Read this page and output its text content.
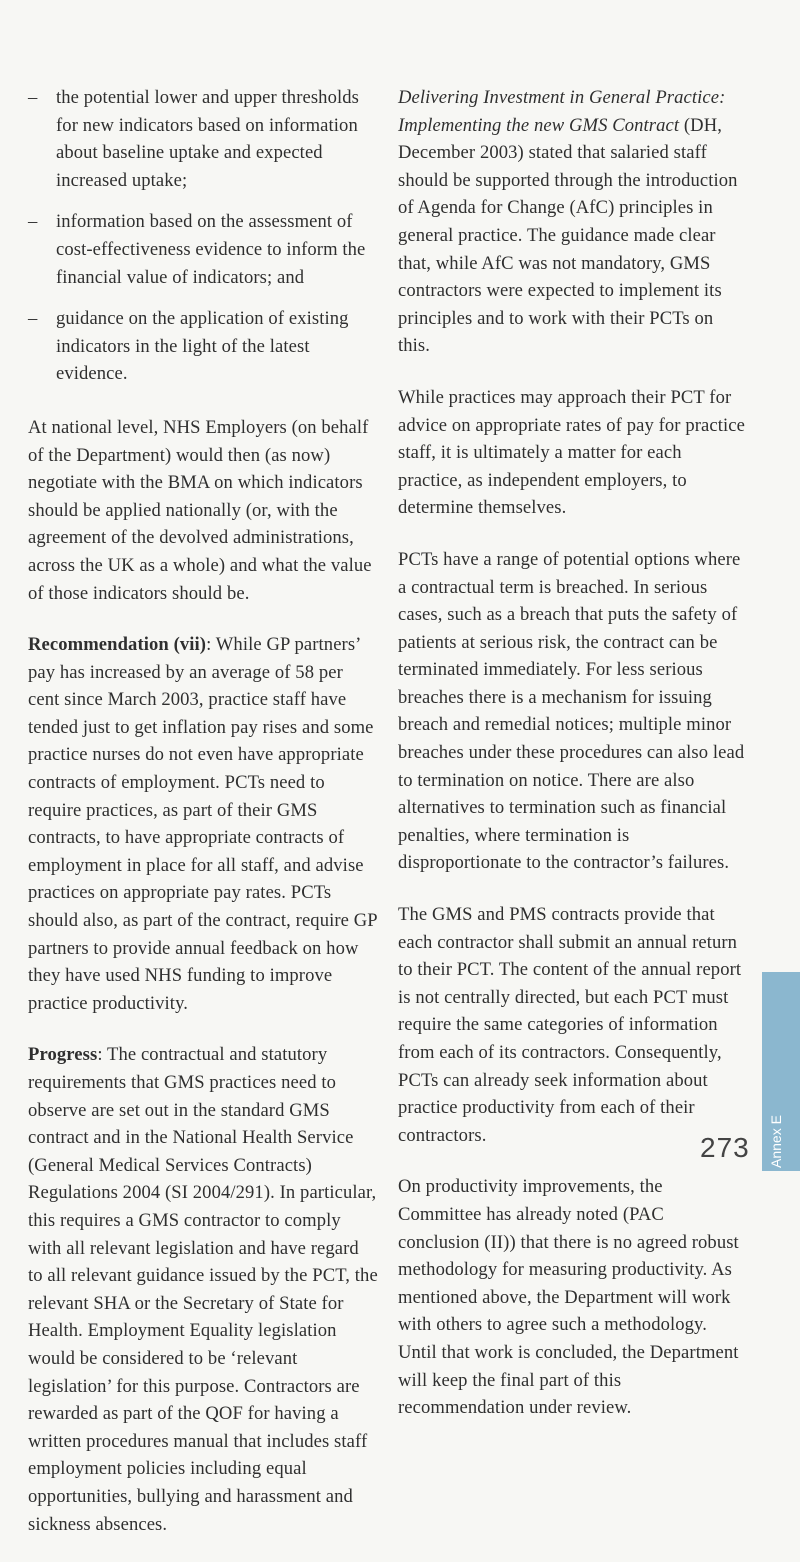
– the potential lower and upper thresholds for new indicators based on information about baseline uptake and expected increased uptake;
– information based on the assessment of cost-effectiveness evidence to inform the financial value of indicators; and
– guidance on the application of existing indicators in the light of the latest evidence.

At national level, NHS Employers (on behalf of the Department) would then (as now) negotiate with the BMA on which indicators should be applied nationally (or, with the agreement of the devolved administrations, across the UK as a whole) and what the value of those indicators should be.

Recommendation (vii): While GP partners’ pay has increased by an average of 58 per cent since March 2003, practice staff have tended just to get inflation pay rises and some practice nurses do not even have appropriate contracts of employment. PCTs need to require practices, as part of their GMS contracts, to have appropriate contracts of employment in place for all staff, and advise practices on appropriate pay rates. PCTs should also, as part of the contract, require GP partners to provide annual feedback on how they have used NHS funding to improve practice productivity.

Progress: The contractual and statutory requirements that GMS practices need to observe are set out in the standard GMS contract and in the National Health Service (General Medical Services Contracts) Regulations 2004 (SI 2004/291). In particular, this requires a GMS contractor to comply with all relevant legislation and have regard to all relevant guidance issued by the PCT, the relevant SHA or the Secretary of State for Health. Employment Equality legislation would be considered to be ‘relevant legislation’ for this purpose. Contractors are rewarded as part of the QOF for having a written procedures manual that includes staff employment policies including equal opportunities, bullying and harassment and sickness absences.

Delivering Investment in General Practice: Implementing the new GMS Contract (DH, December 2003) stated that salaried staff should be supported through the introduction of Agenda for Change (AfC) principles in general practice. The guidance made clear that, while AfC was not mandatory, GMS contractors were expected to implement its principles and to work with their PCTs on this.

While practices may approach their PCT for advice on appropriate rates of pay for practice staff, it is ultimately a matter for each practice, as independent employers, to determine themselves.

PCTs have a range of potential options where a contractual term is breached. In serious cases, such as a breach that puts the safety of patients at serious risk, the contract can be terminated immediately. For less serious breaches there is a mechanism for issuing breach and remedial notices; multiple minor breaches under these procedures can also lead to termination on notice. There are also alternatives to termination such as financial penalties, where termination is disproportionate to the contractor’s failures.

The GMS and PMS contracts provide that each contractor shall submit an annual return to their PCT. The content of the annual report is not centrally directed, but each PCT must require the same categories of information from each of its contractors. Consequently, PCTs can already seek information about practice productivity from each of their contractors.

On productivity improvements, the Committee has already noted (PAC conclusion (II)) that there is no agreed robust methodology for measuring productivity. As mentioned above, the Department will work with others to agree such a methodology. Until that work is concluded, the Department will keep the final part of this recommendation under review.

Annex E
273
